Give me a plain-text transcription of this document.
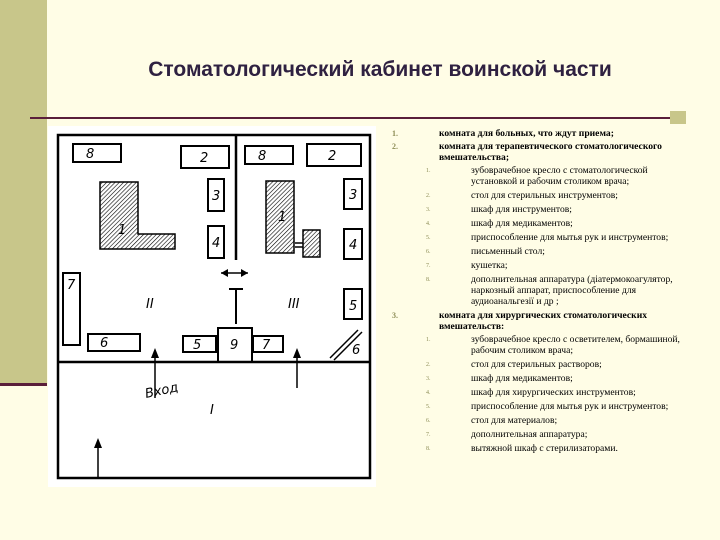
Стоматологический кабинет воинской части
8	2
3
4
1
7
6
II
8	2
3
4
1
5
6
III
5 9 7
Вход
I
1.	комната для больных, что ждут приема;
2.	комната для терапевтического стоматологического вмешательства;
1.	зубоврачебное кресло с стоматологической установкой и рабочим столиком врача;
2.	стол для стерильных инструментов;
3.	шкаф для инструментов;
4.	шкаф для медикаментов;
5.	приспособление для мытья рук и инструментов;
6.	письменный стол;
7.	кушетка;
8.	дополнительная аппаратура (діатермокоагулятор, наркозный аппарат, приспособление для аудиоанальгезії и др ;
3.	комната для хирургических стоматологических вмешательств:
1.	зубоврачебное кресло с осветителем, бормашиной, рабочим столиком врача;
2.	стол для стерильных растворов;
3.	шкаф для медикаментов;
4.	шкаф для хирургических инструментов;
5.	приспособление для мытья рук и инструментов;
6.	стол для материалов;
7.	дополнительная аппаратура;
8.	вытяжной шкаф с стерилизаторами.
